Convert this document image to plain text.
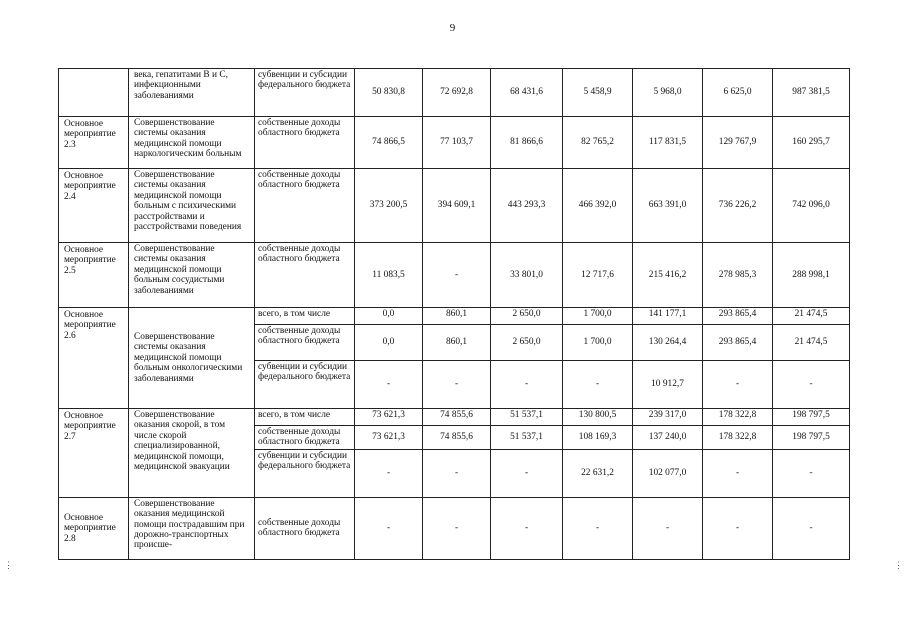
9
⋮	⋮
	века, гепатитами В и С, инфекционными заболеваниями	субвенции и субсидии федерального бюджета	50 830,8	72 692,8	68 431,6	5 458,9	5 968,0	6 625,0	987 381,5
Основное мероприятие 2.3	Совершенствование системы оказания медицинской помощи наркологическим больным	собственные доходы областного бюджета	74 866,5	77 103,7	81 866,6	82 765,2	117 831,5	129 767,9	160 295,7
Основное мероприятие 2.4	Совершенствование системы оказания медицинской помощи больным с психическими расстройствами и расстройствами поведения	собственные доходы областного бюджета	373 200,5	394 609,1	443 293,3	466 392,0	663 391,0	736 226,2	742 096,0
Основное мероприятие 2.5	Совершенствование системы оказания медицинской помощи больным сосудистыми заболеваниями	собственные доходы областного бюджета	11 083,5	-	33 801,0	12 717,6	215 416,2	278 985,3	288 998,1
Основное мероприятие 2.6	Совершенствование системы оказания медицинской помощи больным онкологическими заболеваниями	всего, в том числе	0,0	860,1	2 650,0	1 700,0	141 177,1	293 865,4	21 474,5
		собственные доходы областного бюджета	0,0	860,1	2 650,0	1 700,0	130 264,4	293 865,4	21 474,5
		субвенции и субсидии федерального бюджета	-	-	-	-	10 912,7	-	-
Основное мероприятие 2.7	Совершенствование оказания скорой, в том числе скорой специализированной, медицинской помощи, медицинской эвакуации	всего, в том числе	73 621,3	74 855,6	51 537,1	130 800,5	239 317,0	178 322,8	198 797,5
		собственные доходы областного бюджета	73 621,3	74 855,6	51 537,1	108 169,3	137 240,0	178 322,8	198 797,5
		субвенции и субсидии федерального бюджета	-	-	-	22 631,2	102 077,0	-	-
Основное мероприятие 2.8	Совершенствование оказания медицинской помощи пострадавшим при дорожно-транспортных происше-	собственные доходы областного бюджета	-	-	-	-	-	-	-
